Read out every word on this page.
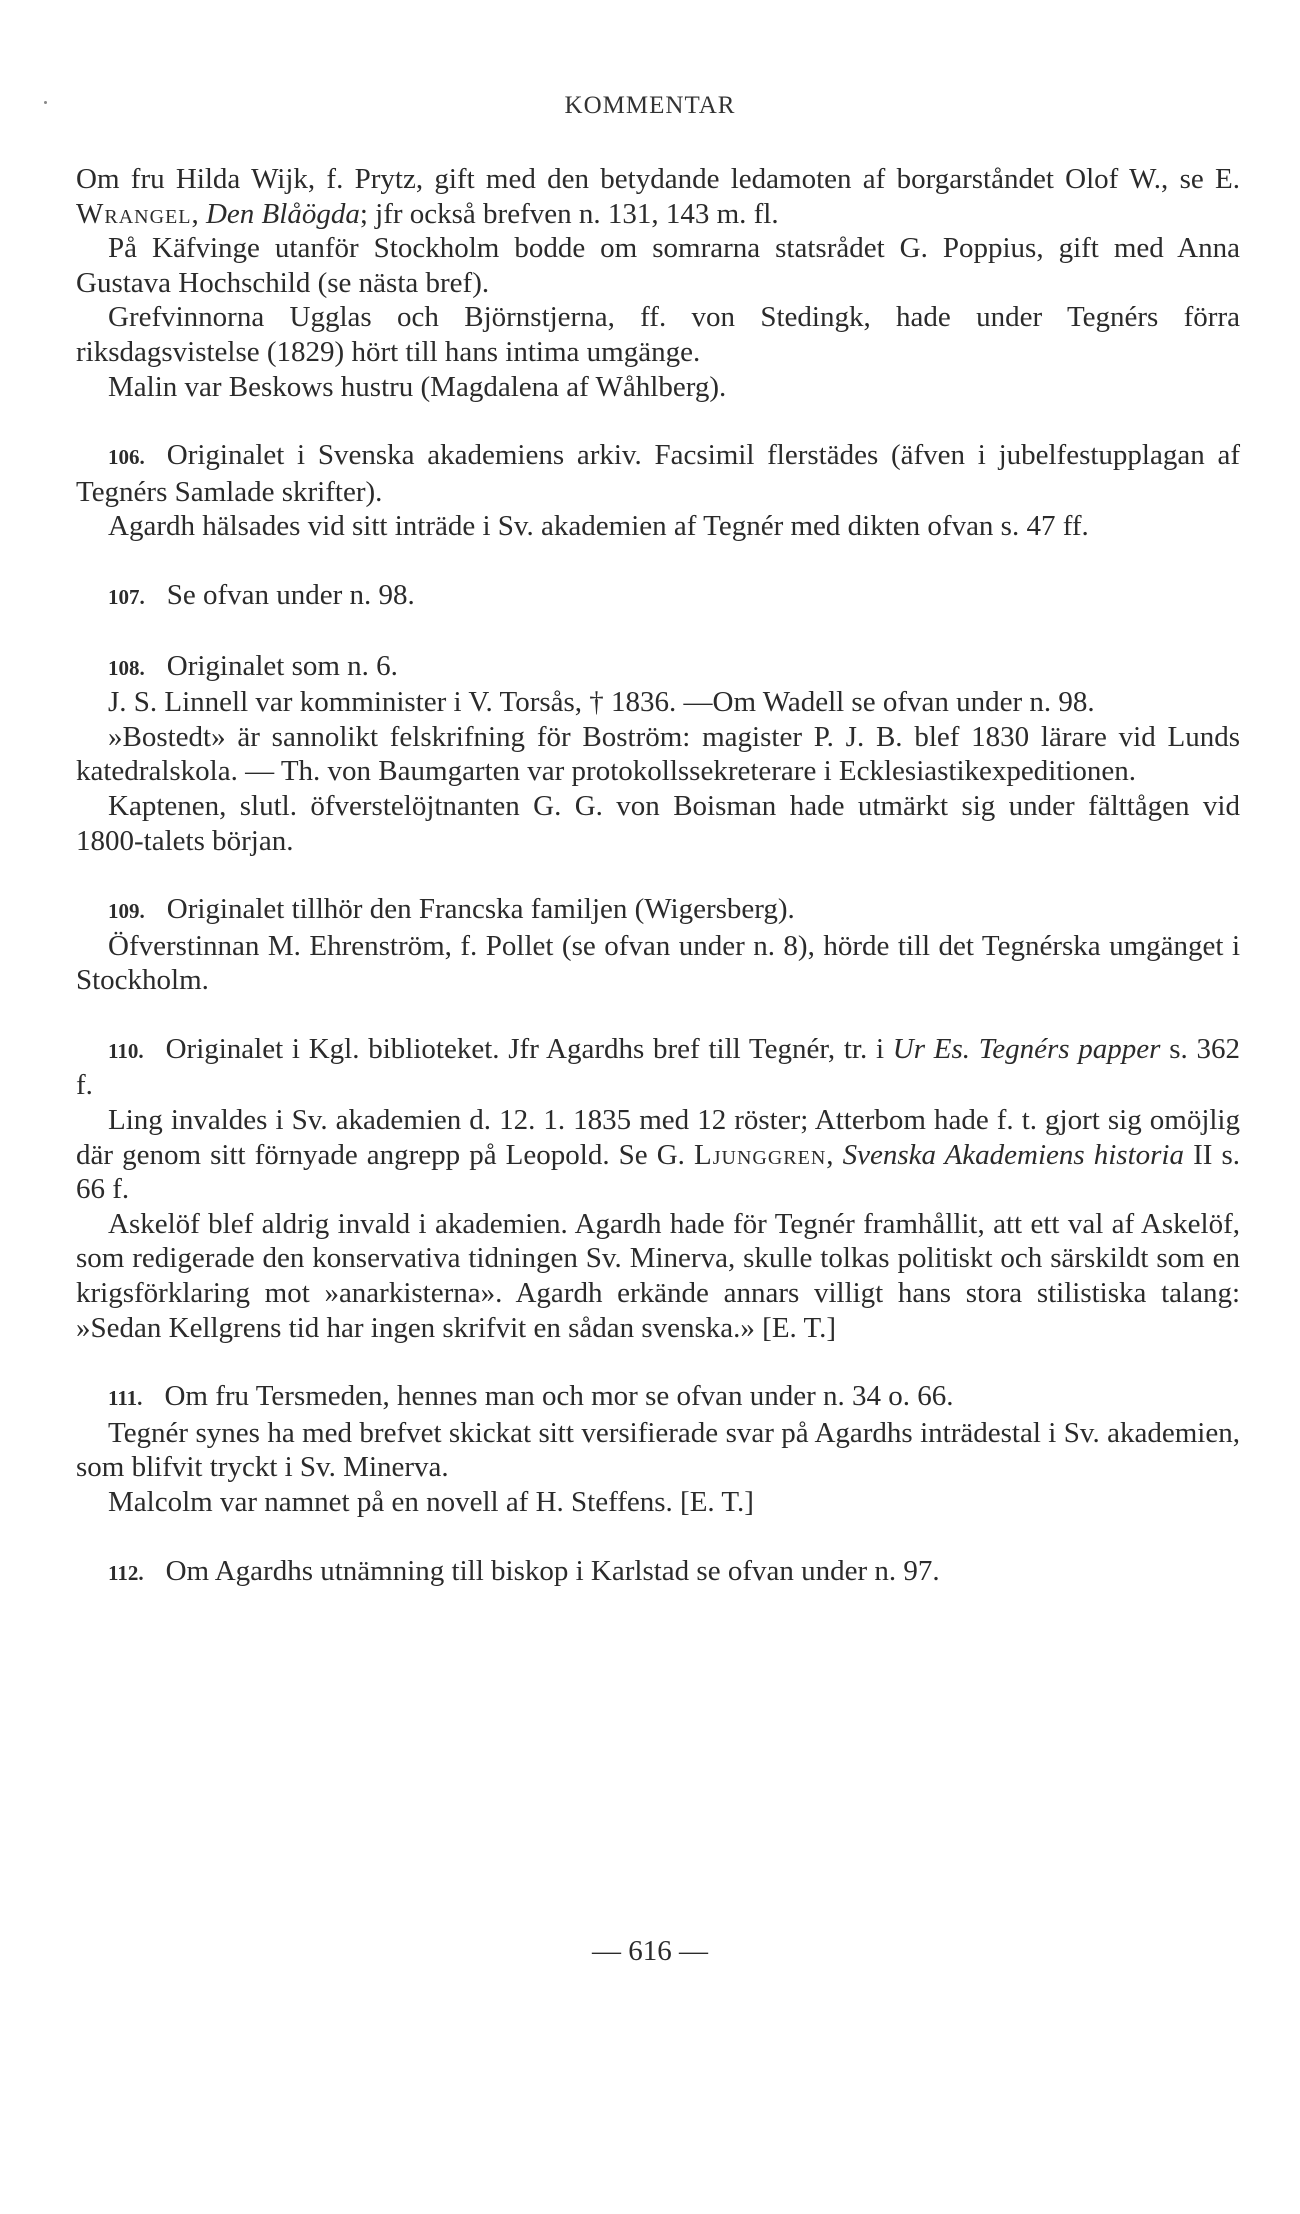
KOMMENTAR

Om fru Hilda Wijk, f. Prytz, gift med den betydande ledamoten af borgarståndet Olof W., se E. Wrangel, Den Blåögda; jfr också brefven n. 131, 143 m. fl.

På Käfvinge utanför Stockholm bodde om somrarna statsrådet G. Poppius, gift med Anna Gustava Hochschild (se nästa bref).

Grefvinnorna Ugglas och Björnstjerna, ff. von Stedingk, hade under Tegnérs förra riksdagsvistelse (1829) hört till hans intima umgänge.

Malin var Beskows hustru (Magdalena af Wåhlberg).

106. Originalet i Svenska akademiens arkiv. Facsimil flerstädes (äfven i jubelfestupplagan af Tegnérs Samlade skrifter).

Agardh hälsades vid sitt inträde i Sv. akademien af Tegnér med dikten ofvan s. 47 ff.

107. Se ofvan under n. 98.

108. Originalet som n. 6.

J. S. Linnell var komminister i V. Torsås, † 1836. —Om Wadell se ofvan under n. 98.

»Bostedt» är sannolikt felskrifning för Boström: magister P. J. B. blef 1830 lärare vid Lunds katedralskola. — Th. von Baumgarten var protokollssekreterare i Ecklesiastikexpeditionen.

Kaptenen, slutl. öfverstelöjtnanten G. G. von Boisman hade utmärkt sig under fälttågen vid 1800-talets början.

109. Originalet tillhör den Francska familjen (Wigersberg).

Öfverstinnan M. Ehrenström, f. Pollet (se ofvan under n. 8), hörde till det Tegnérska umgänget i Stockholm.

110. Originalet i Kgl. biblioteket. Jfr Agardhs bref till Tegnér, tr. i Ur Es. Tegnérs papper s. 362 f.

Ling invaldes i Sv. akademien d. 12. 1. 1835 med 12 röster; Atterbom hade f. t. gjort sig omöjlig där genom sitt förnyade angrepp på Leopold. Se G. Ljunggren, Svenska Akademiens historia II s. 66 f.

Askelöf blef aldrig invald i akademien. Agardh hade för Tegnér framhållit, att ett val af Askelöf, som redigerade den konservativa tidningen Sv. Minerva, skulle tolkas politiskt och särskildt som en krigsförklaring mot »anarkisterna». Agardh erkände annars villigt hans stora stilistiska talang: »Sedan Kellgrens tid har ingen skrifvit en sådan svenska.» [E. T.]

111. Om fru Tersmeden, hennes man och mor se ofvan under n. 34 o. 66.

Tegnér synes ha med brefvet skickat sitt versifierade svar på Agardhs inträdestal i Sv. akademien, som blifvit tryckt i Sv. Minerva.

Malcolm var namnet på en novell af H. Steffens. [E. T.]

112. Om Agardhs utnämning till biskop i Karlstad se ofvan under n. 97.

— 616 —
